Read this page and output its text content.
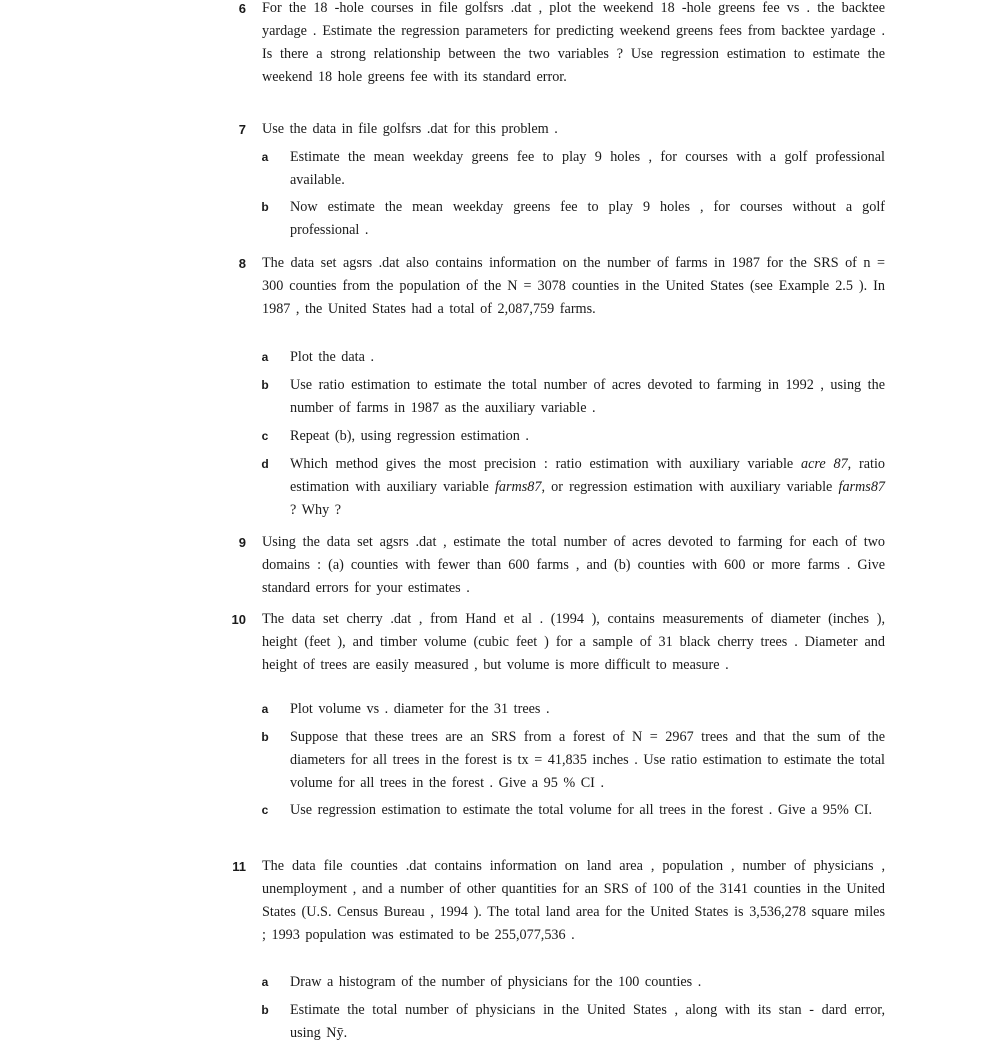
6 For the 18 -hole courses in file golfsrs .dat , plot the weekend 18 -hole greens fee vs . the backtee yardage . Estimate the regression parameters for predicting weekend greens fees from backtee yardage . Is there a strong relationship between the two variables ? Use regression estimation to estimate the weekend 18 hole greens fee with its standard error.
7 Use the data in file golfsrs .dat for this problem .
a Estimate the mean weekday greens fee to play 9 holes , for courses with a golf professional available.
b Now estimate the mean weekday greens fee to play 9 holes , for courses without a golf professional .
8 The data set agsrs .dat also contains information on the number of farms in 1987 for the SRS of n = 300 counties from the population of the N = 3078 counties in the United States (see Example 2.5 ). In 1987 , the United States had a total of 2,087,759 farms.
a Plot the data .
b Use ratio estimation to estimate the total number of acres devoted to farming in 1992 , using the number of farms in 1987 as the auxiliary variable .
c Repeat (b), using regression estimation .
d Which method gives the most precision : ratio estimation with auxiliary variable acre 87, ratio estimation with auxiliary variable farms87, or regression estimation with auxiliary variable farms87 ? Why ?
9 Using the data set agsrs .dat , estimate the total number of acres devoted to farming for each of two domains : (a) counties with fewer than 600 farms , and (b) counties with 600 or more farms . Give standard errors for your estimates .
10 The data set cherry .dat , from Hand et al . (1994 ), contains measurements of diameter (inches ), height (feet ), and timber volume (cubic feet ) for a sample of 31 black cherry trees . Diameter and height of trees are easily measured , but volume is more difficult to measure .
a Plot volume vs . diameter for the 31 trees .
b Suppose that these trees are an SRS from a forest of N = 2967 trees and that the sum of the diameters for all trees in the forest is tx = 41,835 inches . Use ratio estimation to estimate the total volume for all trees in the forest . Give a 95 % CI .
c Use regression estimation to estimate the total volume for all trees in the forest . Give a 95% CI.
11 The data file counties .dat contains information on land area , population , number of physicians , unemployment , and a number of other quantities for an SRS of 100 of the 3141 counties in the United States (U.S. Census Bureau , 1994 ). The total land area for the United States is 3,536,278 square miles ; 1993 population was estimated to be 255,077,536 .
a Draw a histogram of the number of physicians for the 100 counties .
b Estimate the total number of physicians in the United States , along with its stan - dard error, using Nȳ.
